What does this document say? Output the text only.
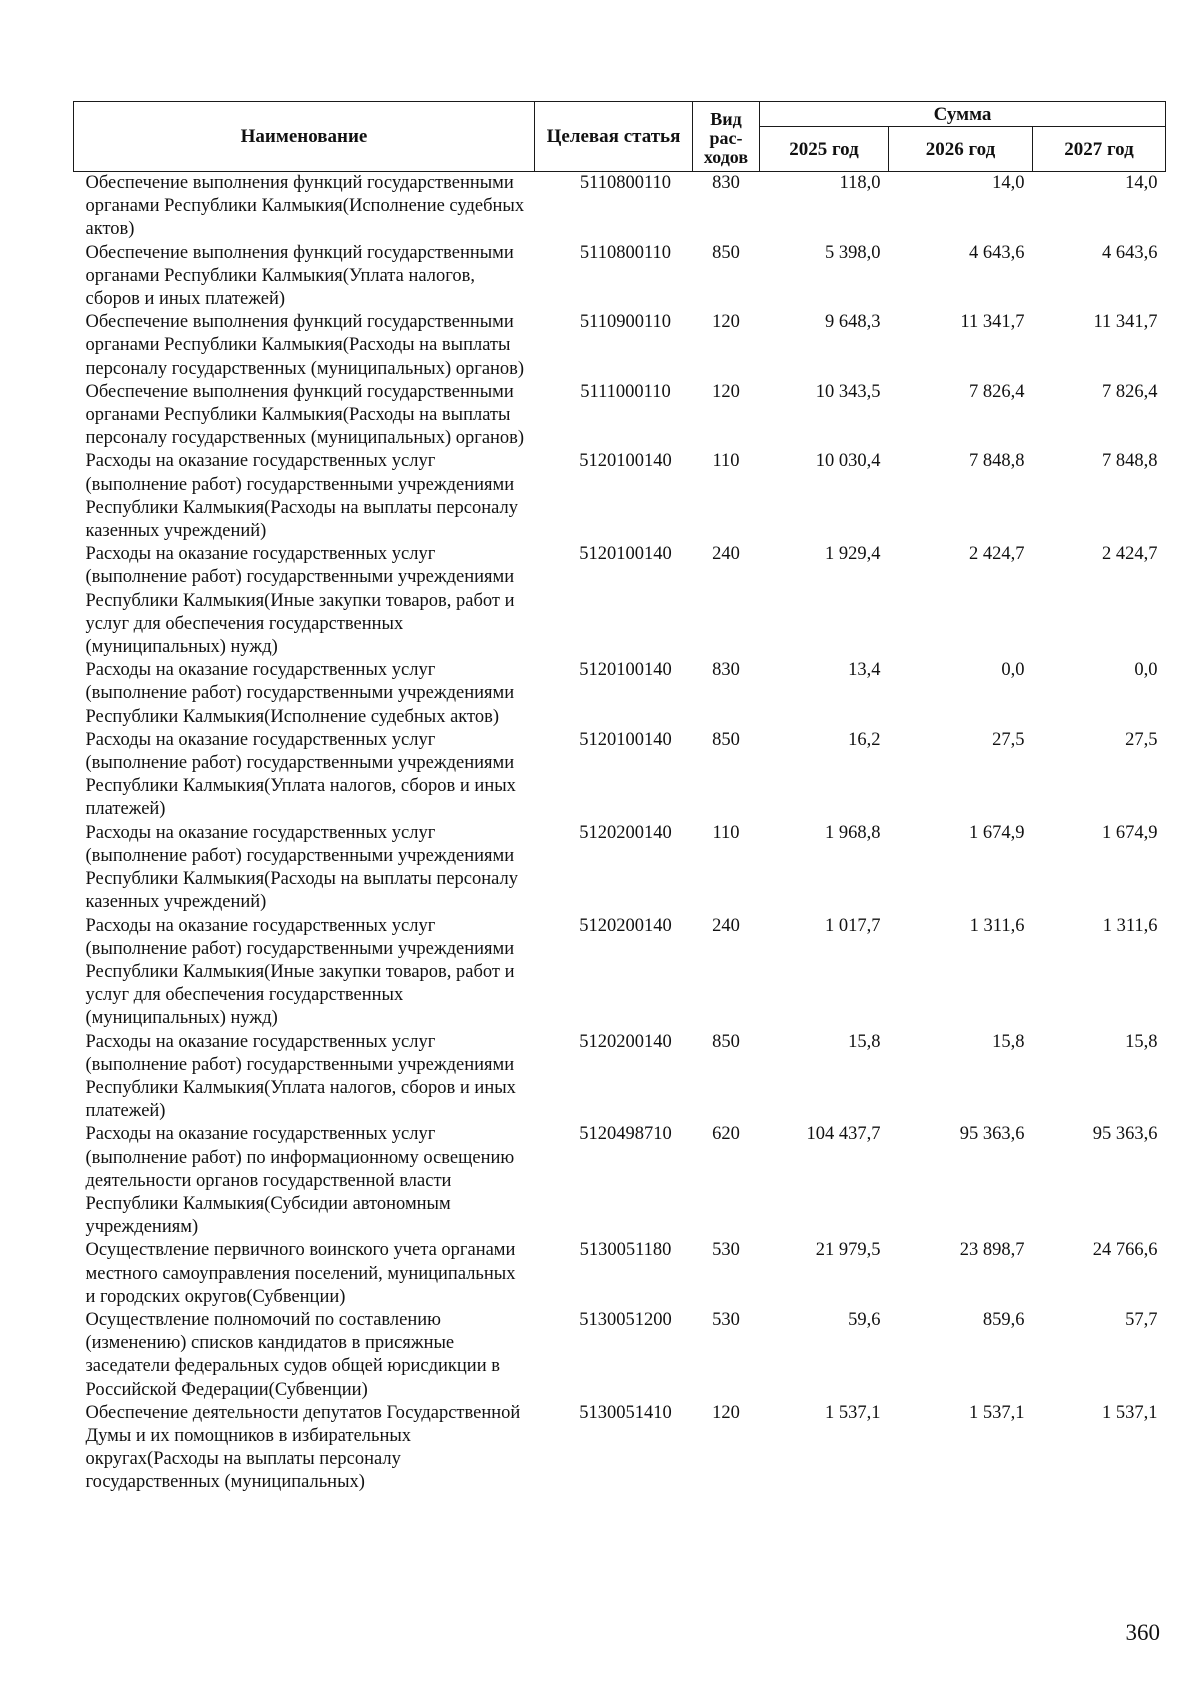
Наименование	Целевая статья	Вид рас-ходов	Сумма		
			2025 год	2026 год	2027 год
Обеспечение выполнения функций государственными органами Республики Калмыкия(Исполнение судебных актов)	5110800110	830	118,0	14,0	14,0
Обеспечение выполнения функций государственными органами Республики Калмыкия(Уплата налогов, сборов и иных платежей)	5110800110	850	5 398,0	4 643,6	4 643,6
Обеспечение выполнения функций государственными органами Республики Калмыкия(Расходы на выплаты персоналу государственных (муниципальных) органов)	5110900110	120	9 648,3	11 341,7	11 341,7
Обеспечение выполнения функций государственными органами Республики Калмыкия(Расходы на выплаты персоналу государственных (муниципальных) органов)	5111000110	120	10 343,5	7 826,4	7 826,4
Расходы на оказание государственных услуг (выполнение работ) государственными учреждениями Республики Калмыкия(Расходы на выплаты персоналу казенных учреждений)	5120100140	110	10 030,4	7 848,8	7 848,8
Расходы на оказание государственных услуг (выполнение работ) государственными учреждениями Республики Калмыкия(Иные закупки товаров, работ и услуг для обеспечения государственных (муниципальных) нужд)	5120100140	240	1 929,4	2 424,7	2 424,7
Расходы на оказание государственных услуг (выполнение работ) государственными учреждениями Республики Калмыкия(Исполнение судебных актов)	5120100140	830	13,4	0,0	0,0
Расходы на оказание государственных услуг (выполнение работ) государственными учреждениями Республики Калмыкия(Уплата налогов, сборов и иных платежей)	5120100140	850	16,2	27,5	27,5
Расходы на оказание государственных услуг (выполнение работ) государственными учреждениями Республики Калмыкия(Расходы на выплаты персоналу казенных учреждений)	5120200140	110	1 968,8	1 674,9	1 674,9
Расходы на оказание государственных услуг (выполнение работ) государственными учреждениями Республики Калмыкия(Иные закупки товаров, работ и услуг для обеспечения государственных (муниципальных) нужд)	5120200140	240	1 017,7	1 311,6	1 311,6
Расходы на оказание государственных услуг (выполнение работ) государственными учреждениями Республики Калмыкия(Уплата налогов, сборов и иных платежей)	5120200140	850	15,8	15,8	15,8
Расходы на оказание государственных услуг (выполнение работ) по информационному освещению деятельности органов государственной власти Республики Калмыкия(Субсидии автономным учреждениям)	5120498710	620	104 437,7	95 363,6	95 363,6
Осуществление первичного воинского учета органами местного самоуправления поселений, муниципальных и городских округов(Субвенции)	5130051180	530	21 979,5	23 898,7	24 766,6
Осуществление полномочий по составлению (изменению) списков кандидатов в присяжные заседатели федеральных судов общей юрисдикции в Российской Федерации(Субвенции)	5130051200	530	59,6	859,6	57,7
Обеспечение деятельности депутатов Государственной Думы и их помощников в избирательных округах(Расходы на выплаты персоналу государственных (муниципальных)	5130051410	120	1 537,1	1 537,1	1 537,1
360
